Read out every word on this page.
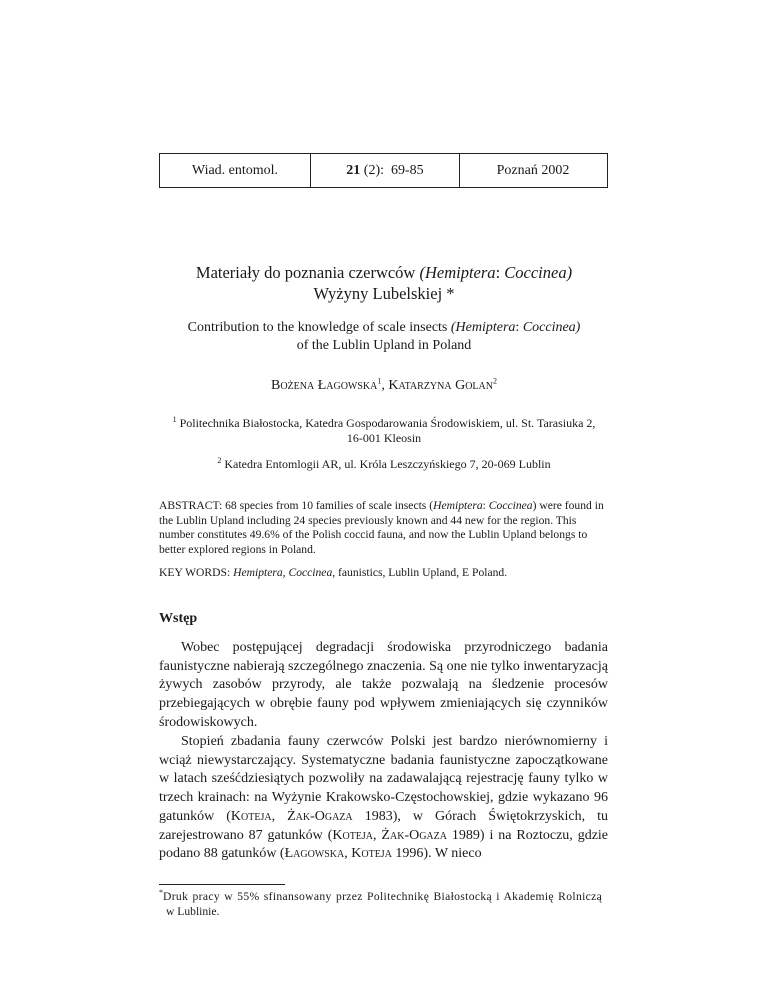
Wiad. entomol.	21 (2):  69-85	Poznań 2002
Materiały do poznania czerwców (Hemiptera: Coccinea)
Wyżyny Lubelskiej *
Contribution to the knowledge of scale insects (Hemiptera: Coccinea)
of the Lublin Upland in Poland
Bożena Łagowska$^1$, Katarzyna Golan$^2$
$^1$ Politechnika Białostocka, Katedra Gospodarowania Środowiskiem, ul. St. Tarasiuka 2,
16-001 Kleosin
$^2$ Katedra Entomlogii AR, ul. Króla Leszczyńskiego 7, 20-069 Lublin
ABSTRACT: 68 species from 10 families of scale insects (Hemiptera: Coccinea) were found in the Lublin Upland including 24 species previously known and 44 new for the region. This number constitutes 49.6% of the Polish coccid fauna, and now the Lublin Upland belongs to better explored regions in Poland.
KEY WORDS: Hemiptera, Coccinea, faunistics, Lublin Upland, E Poland.
Wstęp
Wobec postępującej degradacji środowiska przyrodniczego badania faunistyczne nabierają szczególnego znaczenia. Są one nie tylko inwentaryzacją żywych zasobów przyrody, ale także pozwalają na śledzenie procesów przebiegających w obrębie fauny pod wpływem zmieniających się czynników środowiskowych.
Stopień zbadania fauny czerwców Polski jest bardzo nierównomierny i wciąż niewystarczający. Systematyczne badania faunistyczne zapoczątkowane w latach sześćdziesiątych pozwoliły na zadawalającą rejestrację fauny tylko w trzech krainach: na Wyżynie Krakowsko-Częstochowskiej, gdzie wykazano 96 gatunków (Koteja, Żak-Ogaza 1983), w Górach Świętokrzyskich, tu zarejestrowano 87 gatunków (Koteja, Żak-Ogaza 1989) i na Roztoczu, gdzie podano 88 gatunków (Łagowska, Koteja 1996). W nieco
*Druk pracy w 55% sfinansowany przez Politechnikę Białostocką i Akademię Rolniczą
w Lublinie.
